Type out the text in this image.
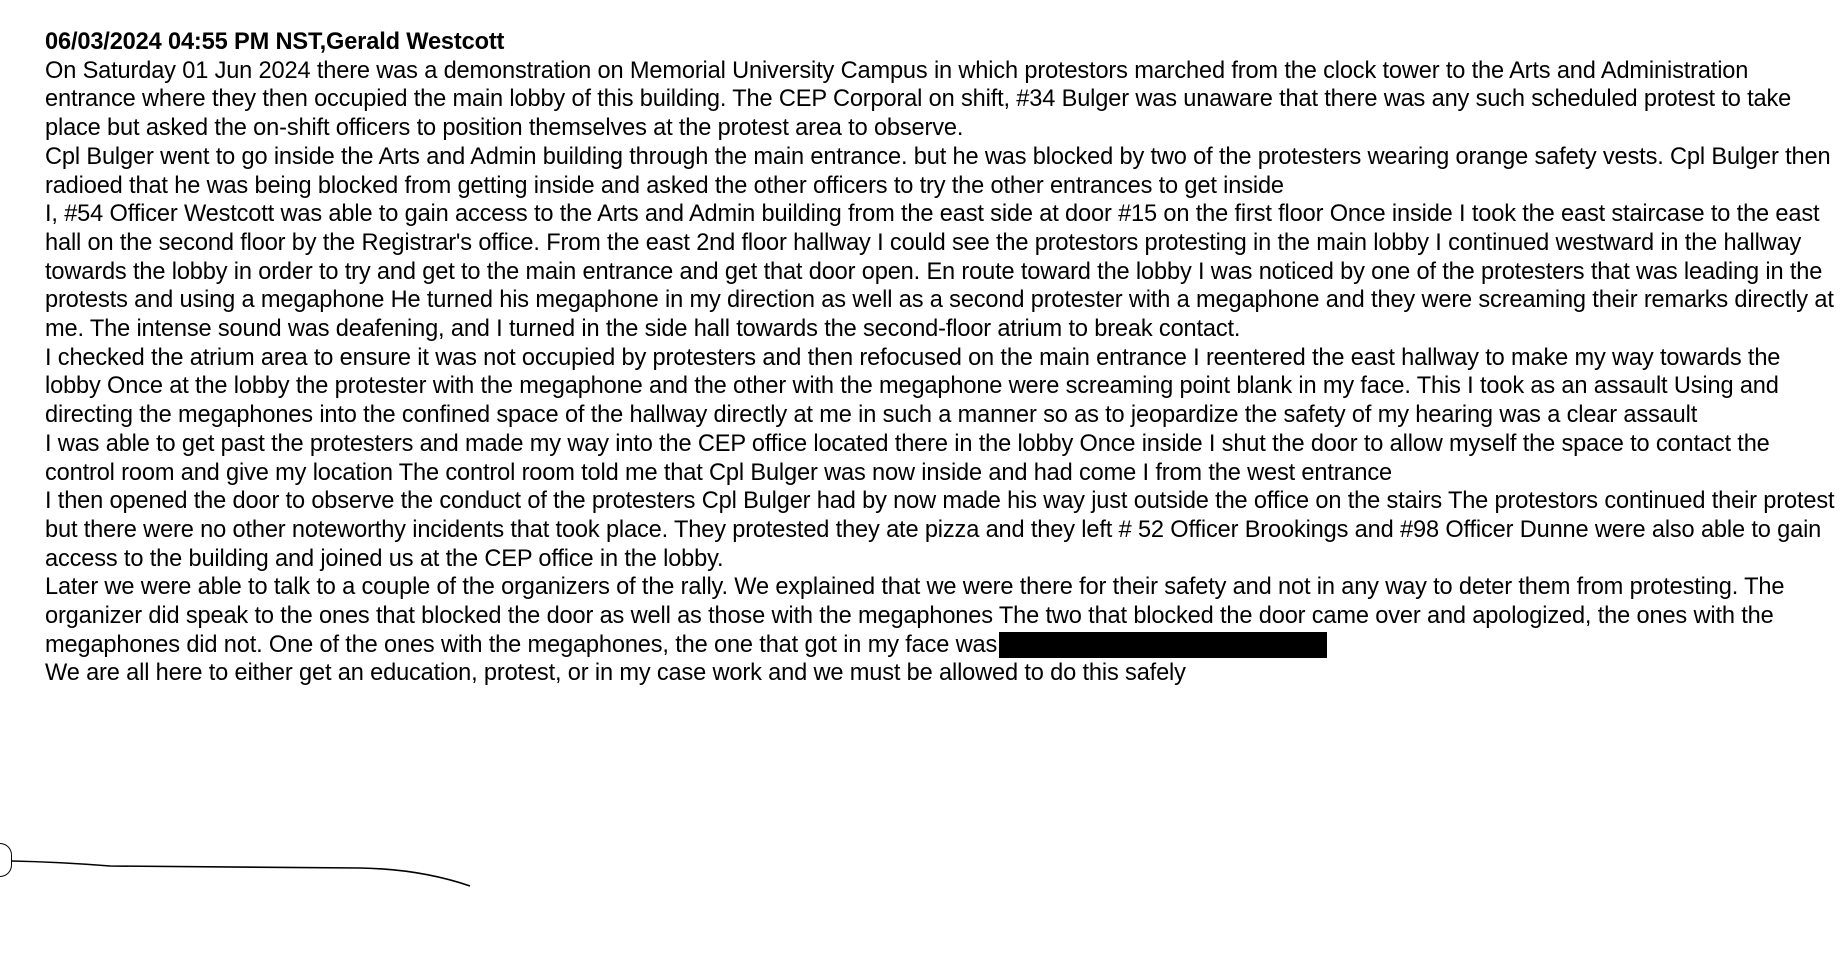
06/03/2024 04:55 PM NST,Gerald Westcott

On Saturday 01 Jun 2024 there was a demonstration on Memorial University Campus in which protestors marched from the clock tower to the Arts and Administration entrance where they then occupied the main lobby of this building. The CEP Corporal on shift, #34 Bulger was unaware that there was any such scheduled protest to take place but asked the on-shift officers to position themselves at the protest area to observe.

Cpl Bulger went to go inside the Arts and Admin building through the main entrance. but he was blocked by two of the protesters wearing orange safety vests. Cpl Bulger then radioed that he was being blocked from getting inside and asked the other officers to try the other entrances to get inside

I, #54 Officer Westcott was able to gain access to the Arts and Admin building from the east side at door #15 on the first floor Once inside I took the east staircase to the east hall on the second floor by the Registrar's office. From the east 2nd floor hallway I could see the protestors protesting in the main lobby I continued westward in the hallway towards the lobby in order to try and get to the main entrance and get that door open. En route toward the lobby I was noticed by one of the protesters that was leading in the protests and using a megaphone He turned his megaphone in my direction as well as a second protester with a megaphone and they were screaming their remarks directly at me. The intense sound was deafening, and I turned in the side hall towards the second-floor atrium to break contact.

I checked the atrium area to ensure it was not occupied by protesters and then refocused on the main entrance I reentered the east hallway to make my way towards the lobby Once at the lobby the protester with the megaphone and the other with the megaphone were screaming point blank in my face. This I took as an assault Using and directing the megaphones into the confined space of the hallway directly at me in such a manner so as to jeopardize the safety of my hearing was a clear assault

I was able to get past the protesters and made my way into the CEP office located there in the lobby Once inside I shut the door to allow myself the space to contact the control room and give my location The control room told me that Cpl Bulger was now inside and had come I from the west entrance

I then opened the door to observe the conduct of the protesters Cpl Bulger had by now made his way just outside the office on the stairs The protestors continued their protest but there were no other noteworthy incidents that took place. They protested they ate pizza and they left # 52 Officer Brookings and #98 Officer Dunne were also able to gain access to the building and joined us at the CEP office in the lobby.

Later we were able to talk to a couple of the organizers of the rally. We explained that we were there for their safety and not in any way to deter them from protesting. The organizer did speak to the ones that blocked the door as well as those with the megaphones The two that blocked the door came over and apologized, the ones with the megaphones did not. One of the ones with the megaphones, the one that got in my face was

We are all here to either get an education, protest, or in my case work and we must be allowed to do this safely
